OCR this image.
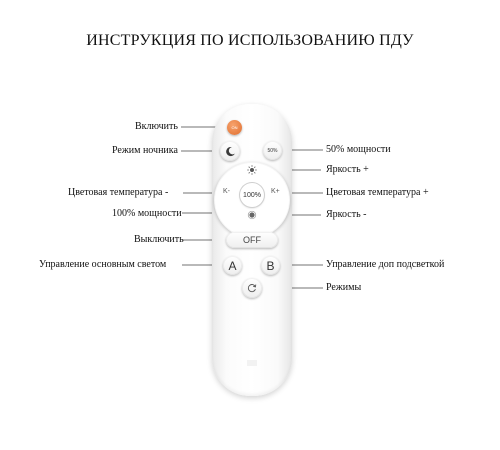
ИНСТРУКЦИЯ ПО ИСПОЛЬЗОВАНИЮ ПДУ
ON
50%
K-	100%	K+
OFF
A	B
Включить
Режим ночника
Цветовая температура -
100% мощности
Выключить
Управление основным светом
50% мощности
Яркость +
Цветовая температура +
Яркость -
Управление доп подсветкой
Режимы
